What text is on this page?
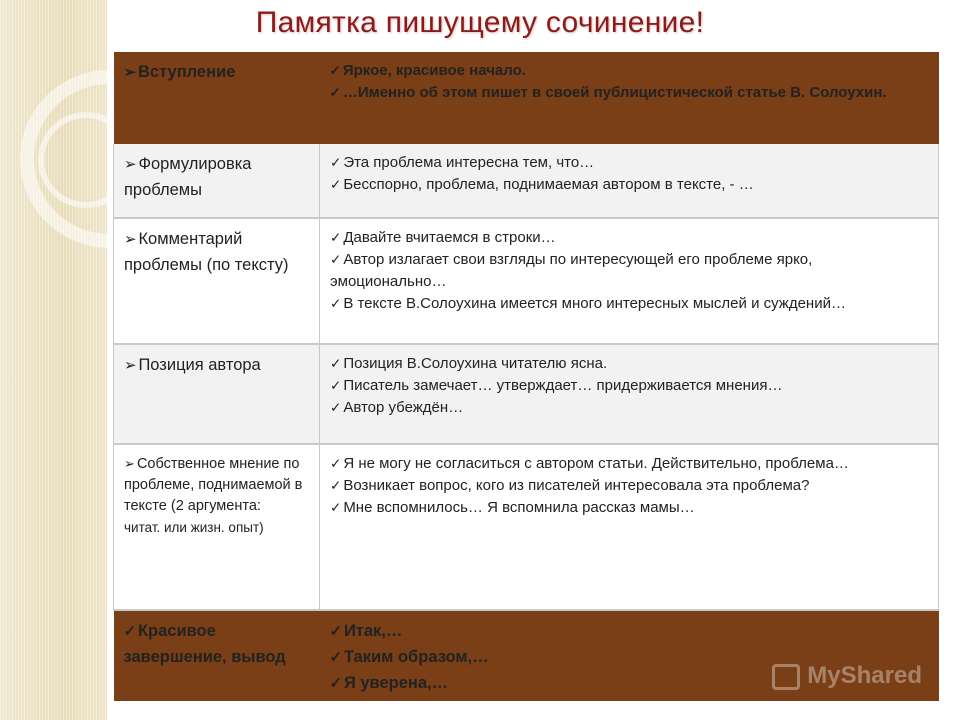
Памятка пишущему сочинение!
➢ Вступление	✓ Яркое, красивое начало.
✓ …Именно об этом пишет в своей публицистической статье В. Солоухин.

➢ Формулировка проблемы	✓ Эта проблема интересна тем, что…
✓ Бесспорно, проблема, поднимаемая автором в тексте, - …

➢ Комментарий проблемы (по тексту)	✓ Давайте вчитаемся в строки…
✓ Автор излагает свои взгляды по интересующей его проблеме ярко, эмоционально…
✓ В тексте В.Солоухина имеется много интересных мыслей и суждений…

➢ Позиция автора	✓ Позиция В.Солоухина читателю ясна.
✓ Писатель замечает… утверждает… придерживается мнения…
✓ Автор убеждён…

➢ Собственное мнение по проблеме, поднимаемой в тексте (2 аргумента:
читат. или жизн. опыт)	✓ Я не могу не согласиться с автором статьи. Действительно, проблема…
✓ Возникает вопрос, кого из писателей интересовала эта проблема?
✓ Мне вспомнилось… Я вспомнила рассказ мамы…

✓ Красивое завершение, вывод	✓ Итак,…
✓ Таким образом,…
✓ Я уверена,…	MyShared
